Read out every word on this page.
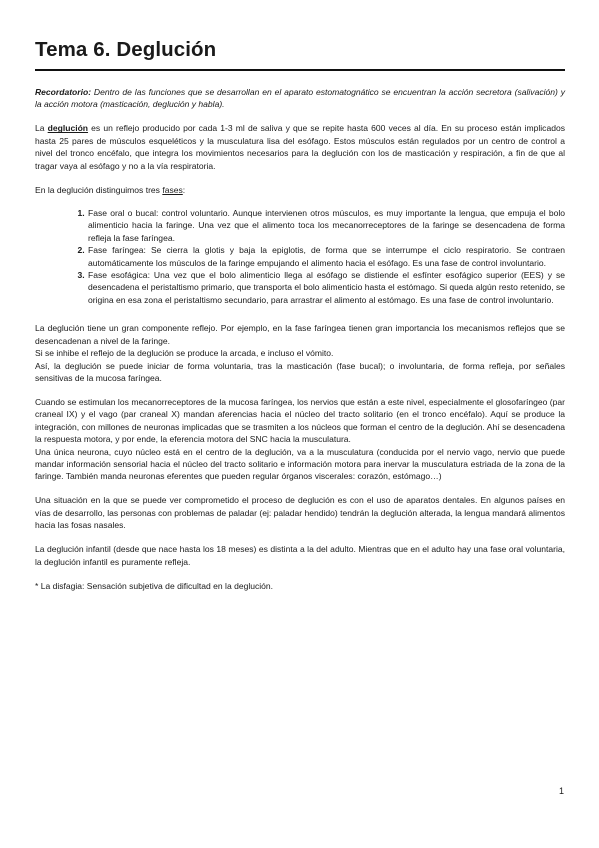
Tema 6. Deglución

Recordatorio: Dentro de las funciones que se desarrollan en el aparato estomatognático se encuentran la acción secretora (salivación) y la acción motora (masticación, deglución y habla).

La deglución es un reflejo producido por cada 1-3 ml de saliva y que se repite hasta 600 veces al día. En su proceso están implicados hasta 25 pares de músculos esqueléticos y la musculatura lisa del esófago. Estos músculos están regulados por un centro de control a nivel del tronco encéfalo, que integra los movimientos necesarios para la deglución con los de masticación y respiración, a fin de que al tragar vaya al esófago y no a la vía respiratoria.

En la deglución distinguimos tres fases:

1. Fase oral o bucal: control voluntario. Aunque intervienen otros músculos, es muy importante la lengua, que empuja el bolo alimenticio hacia la faringe. Una vez que el alimento toca los mecanorreceptores de la faringe se desencadena de forma refleja la fase faríngea.
2. Fase faríngea: Se cierra la glotis y baja la epiglotis, de forma que se interrumpe el ciclo respiratorio. Se contraen automáticamente los músculos de la faringe empujando el alimento hacia el esófago. Es una fase de control involuntario.
3. Fase esofágica: Una vez que el bolo alimenticio llega al esófago se distiende el esfínter esofágico superior (EES) y se desencadena el peristaltismo primario, que transporta el bolo alimenticio hasta el estómago. Si queda algún resto retenido, se origina en esa zona el peristaltismo secundario, para arrastrar el alimento al estómago. Es una fase de control involuntario.

La deglución tiene un gran componente reflejo. Por ejemplo, en la fase faríngea tienen gran importancia los mecanismos reflejos que se desencadenan a nivel de la faringe.

Si se inhibe el reflejo de la deglución se produce la arcada, e incluso el vómito.

Así, la deglución se puede iniciar de forma voluntaria, tras la masticación (fase bucal); o involuntaria, de forma refleja, por señales sensitivas de la mucosa faríngea.

Cuando se estimulan los mecanorreceptores de la mucosa faríngea, los nervios que están a este nivel, especialmente el glosofaríngeo (par craneal IX) y el vago (par craneal X) mandan aferencias hacia el núcleo del tracto solitario (en el tronco encéfalo). Aquí se produce la integración, con millones de neuronas implicadas que se trasmiten a los núcleos que forman el centro de la deglución. Ahí se desencadena la respuesta motora, y por ende, la eferencia motora del SNC hacia la musculatura.

Una única neurona, cuyo núcleo está en el centro de la deglución, va a la musculatura (conducida por el nervio vago, nervio que puede mandar información sensorial hacia el núcleo del tracto solitario e información motora para inervar la musculatura estriada de la zona de la faringe. También manda neuronas eferentes que pueden regular órganos viscerales: corazón, estómago…)

Una situación en la que se puede ver comprometido el proceso de deglución es con el uso de aparatos dentales. En algunos países en vías de desarrollo, las personas con problemas de paladar (ej: paladar hendido) tendrán la deglución alterada, la lengua mandará alimentos hacia las fosas nasales.

La deglución infantil (desde que nace hasta los 18 meses) es distinta a la del adulto. Mientras que en el adulto hay una fase oral voluntaria, la deglución infantil es puramente refleja.

* La disfagia: Sensación subjetiva de dificultad en la deglución.

1
